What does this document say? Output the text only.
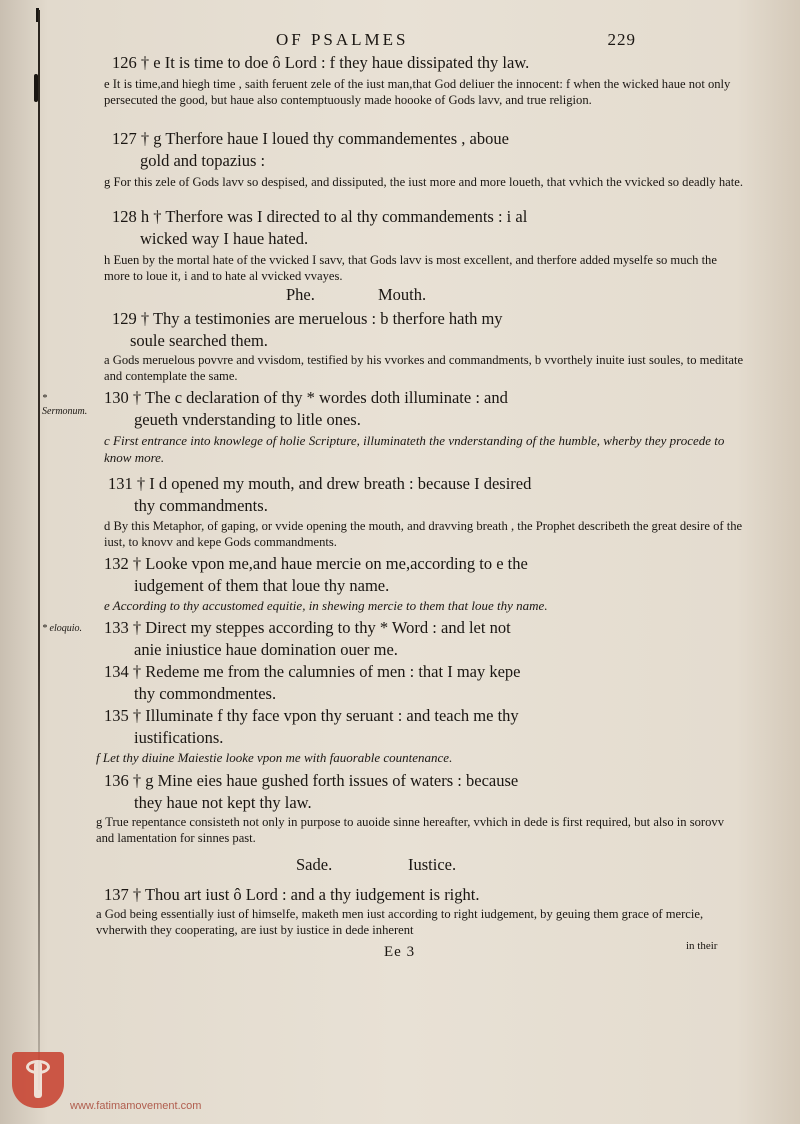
OF PSALMES	229
126 † e It is time to doe ô Lord : f they haue dissipated thy law.
e It is time,and hiegh time , saith feruent zele of the iust man,that God deliuer the innocent: f when the wicked haue not only persecuted the good, but haue also contemptuously made hoooke of Gods lavv, and true religion.
127 † g Therfore haue I loued thy commandementes , aboue
gold and topazius :
g For this zele of Gods lavv so despised, and dissiputed, the iust more and more loueth, that vvhich the vvicked so deadly hate.
128 h † Therfore was I directed to al thy commandements : i al
wicked way I haue hated.
h Euen by the mortal hate of the vvicked I savv, that Gods lavv is most excellent, and therfore added myselfe so much the more to loue it, i and to hate al vvicked vvayes.
Phe.	Mouth.
129 † Thy a testimonies are meruelous : b therfore hath my
soule searched them.
a Gods meruelous povvre and vvisdom, testified by his vvorkes and commandments, b vvorthely inuite iust soules, to meditate and contemplate the same.
* Sermonum.
130 † The c declaration of thy * wordes doth illuminate : and
geueth vnderstanding to litle ones.
c First entrance into knowlege of holie Scripture, illuminateth the vnderstanding of the humble, wherby they procede to know more.
131 † I d opened my mouth, and drew breath : because I desired
thy commandments.
d By this Metaphor, of gaping, or vvide opening the mouth, and dravving breath , the Prophet describeth the great desire of the iust, to knovv and kepe Gods commandments.
132 † Looke vpon me,and haue mercie on me,according to e the
iudgement of them that loue thy name.
e According to thy accustomed equitie, in shewing mercie to them that loue thy name.
* eloquio.	133 † Direct my steppes according to thy * Word : and let not
anie iniustice haue domination ouer me.
134 † Redeme me from the calumnies of men : that I may kepe
thy commondmentes.
135 † Illuminate f thy face vpon thy seruant : and teach me thy
iustifications.
f Let thy diuine Maiestie looke vpon me with fauorable countenance.
136 † g Mine eies haue gushed forth issues of waters : because
they haue not kept thy law.
g True repentance consisteth not only in purpose to auoide sinne hereafter, vvhich in dede is first required, but also in sorovv and lamentation for sinnes past.
Sade.	Iustice.
137 † Thou art iust ô Lord : and a thy iudgement is right.
a God being essentially iust of himselfe, maketh men iust according to right iudgement, by geuing them grace of mercie, vvherwith they cooperating, are iust by iustice in dede inherent
Ee 3	in their
www.fatimamovement.com
